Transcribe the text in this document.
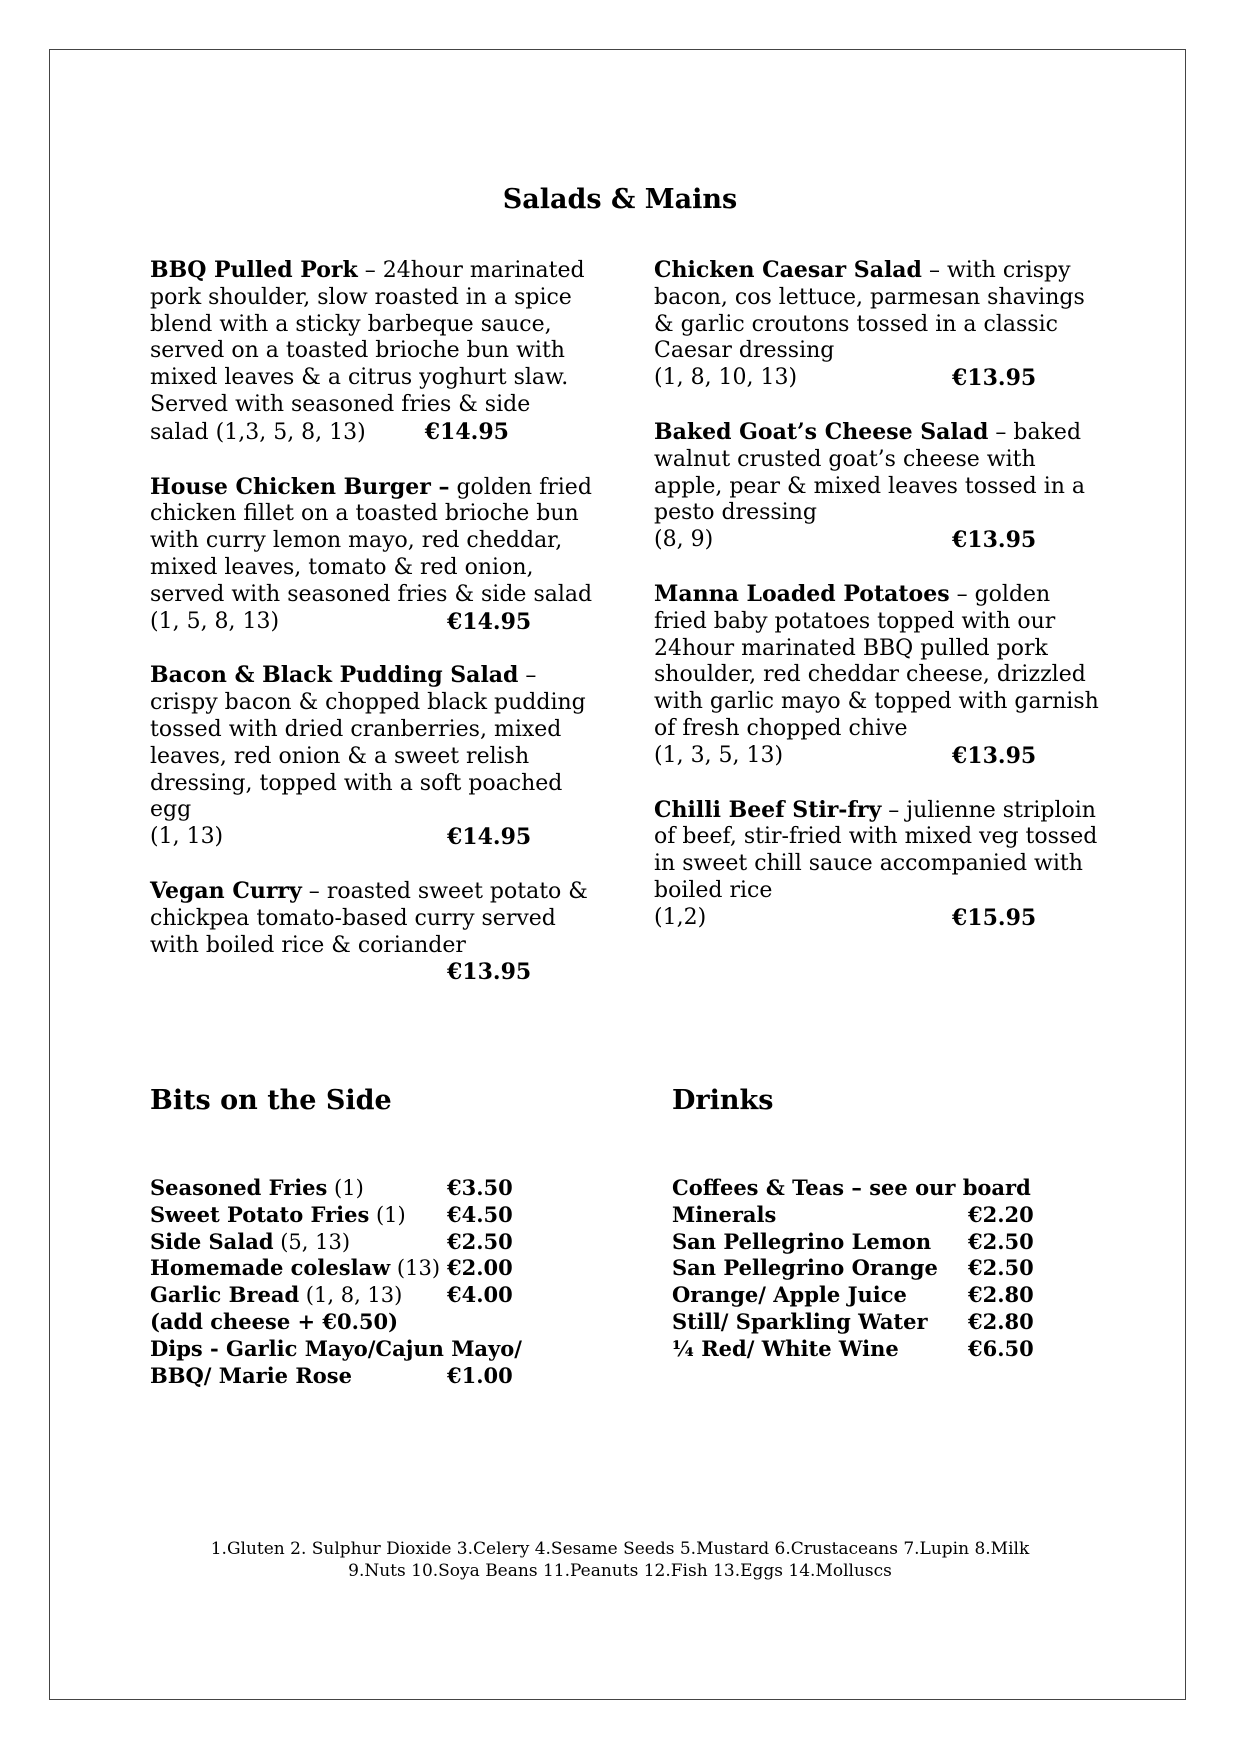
Salads & Mains
BBQ Pulled Pork – 24hour marinated pork shoulder, slow roasted in a spice blend with a sticky barbeque sauce, served on a toasted brioche bun with mixed leaves & a citrus yoghurt slaw. Served with seasoned fries & side salad (1,3, 5, 8, 13)	€14.95
House Chicken Burger – golden fried chicken fillet on a toasted brioche bun with curry lemon mayo, red cheddar, mixed leaves, tomato & red onion, served with seasoned fries & side salad
(1, 5, 8, 13)	€14.95
Bacon & Black Pudding Salad – crispy bacon & chopped black pudding tossed with dried cranberries, mixed leaves, red onion & a sweet relish dressing, topped with a soft poached egg
(1, 13)	€14.95
Vegan Curry – roasted sweet potato & chickpea tomato-based curry served with boiled rice & coriander

€13.95
Chicken Caesar Salad – with crispy bacon, cos lettuce, parmesan shavings & garlic croutons tossed in a classic Caesar dressing
(1, 8, 10, 13)	€13.95
Baked Goat’s Cheese Salad – baked walnut crusted goat’s cheese with apple, pear & mixed leaves tossed in a pesto dressing
(8, 9)	€13.95
Manna Loaded Potatoes – golden fried baby potatoes topped with our 24hour marinated BBQ pulled pork shoulder, red cheddar cheese, drizzled with garlic mayo & topped with garnish of fresh chopped chive
(1, 3, 5, 13)	€13.95
Chilli Beef Stir-fry – julienne striploin of beef, stir-fried with mixed veg tossed in sweet chill sauce accompanied with boiled rice
(1,2)	€15.95
Bits on the Side
Seasoned Fries (1)	€3.50
Sweet Potato Fries (1) €4.50
Side Salad (5, 13)	€2.50
Homemade coleslaw (13) €2.00
Garlic Bread (1, 8, 13) €4.00
(add cheese + €0.50)
Dips - Garlic Mayo/Cajun Mayo/
BBQ/ Marie Rose	€1.00
Drinks
Coffees & Teas – see our board
Minerals	€2.20
San Pellegrino Lemon €2.50
San Pellegrino Orange €2.50
Orange/ Apple Juice	€2.80
Still/ Sparkling Water €2.80
¼ Red/ White Wine	€6.50
1.Gluten 2. Sulphur Dioxide 3.Celery 4.Sesame Seeds 5.Mustard 6.Crustaceans 7.Lupin 8.Milk
9.Nuts 10.Soya Beans 11.Peanuts 12.Fish 13.Eggs 14.Molluscs
